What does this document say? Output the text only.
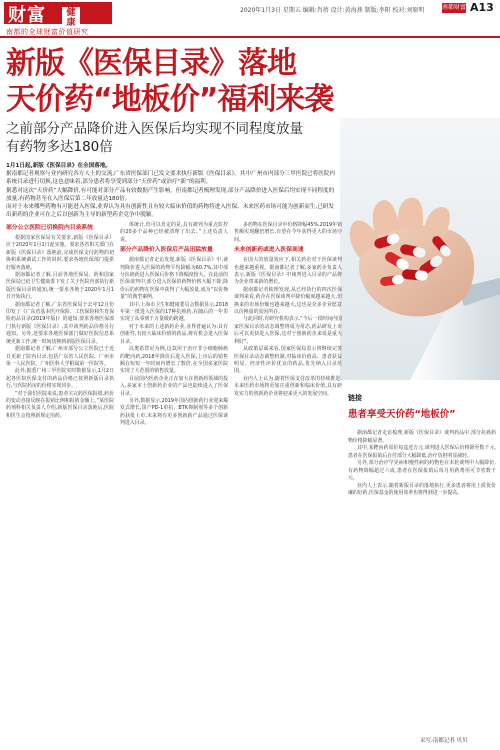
财富	健康
南都的全球财富价值研究
2020年1月3日 星期五 编辑:肖蓓 设计:黄海燕 制版:李阳 校对:刘原明	南都财富 A13
新版《医保目录》落地
天价药“地板价”福利来袭
之前部分产品降价进入医保后均实现不同程度放量
有药物多达180倍

1月1日起,新版《医保目录》在全国落地。

据南都记者观察与业内研究各方人士的交流,广东省医保部门已发文要求执行新版《医保目录》。其中广州市内部分三甲医院已将医院内系统目录进行切换,这也意味着,部分患者将享受到部分“天价药”或治疗“新”的福利。

据悉对这次“天价药”大幅降价,有可能对部分产品有较数据产生影响。但南都记者梳理发现,部分产品降价进入医保后均实现不同程度的放量,有药物甚至在入医保后第二年放量达180倍。

而对于未来哪些药物有可能进入医保,业界认为具有创新性且有较大临床价值的药物将进入医保。未来医药市场可能为创新而生,已研发出新药的企业可在之后以创新为主导的新型药企竞争中脱颖。

链接
患者享受天价药“地板价”

据南都记者走访梳理,新版《医保目录》谈判药品中,部分抗癌药物价格降幅显著。

其中,某靶向药原价每盒近万元,谈判进入医保后价格降至数千元,患者在医保报销后自付部分大幅降低,治疗负担明显减轻。

另外,部分治疗罕见病和慢性病的药物也在本轮谈判中大幅降价,有药物降幅超过六成,患者在医保报销后每月用药费用可节省数千元。

业内人士表示,随着新版目录的落地执行,更多患者将用上质优价廉的好药,医保基金的使用效率也将得到进一步提高。

部分公立医院已切换院内目录系统

根据国家医保局有关要求,新版《医保目录》应于2020年1月1日起实施。要求各省相关部门在新版《医保目录》落地前,完成医保支付药物的切换和系统调试工作的同时,要求各地医保部门提供好服务落地。

据南都记者了解,目前各地医保局、药和国家医保局已给卫生健康委下发了关于医院内部执行新版医保目录的通知,统一要求各地于2020年1月1日开始执行。

据南都记者了解,广东省医保局于去年12月份印发了《广东省基本医疗保险、工伤保险和生育保险药品目录(2019年版)》的通知,要求各地医保部门执行新版《医保目录》,其中谈判药品价格另行通知。另外,还要求各地医保部门做好医院信息系统更新工作,统一时间切换到新版医保目录。

据南都记者了解,广州市部分公立医院已于近日更新了院内目录,包括广东省人民医院、广州市第一人民医院、广州医科大学附属第一医院等。

此外,据悉广州三甲医院实时数据显示,1月2日起各医院医保支付的药品价格已按照新版目录执行,与医院药房的价格实现同步。

“对于我们医院来说,患者买完药医保报销,药价的变动直接反映在报销比例和报销金额上。”某医院药剂科相关负责人介绍,新版医保目录落地后,医院和医生会按照新规定用药。

体统计,但可以肯定的是,具有被列为重点监控的20多个品种已经被清理了出去。”上述负责人说。

部分产品降价入医保后产品迅猛放量

据南都记者走访发现,新版《医保目录》中,谈判降价进入医保的药物平均降幅为60.7%,其中部分抗癌药进入医保后价格下降幅度较大。在此前的医保谈判中,部分进入医保的药物价格大幅下降,降价后的药物在医保中获得了大幅放量,成为“以价换量”的典型案例。

其中,上海市卫生和健康委员会数据显示,2018年第一批进入医保的17种抗癌药,在随后的一年里实现了从零到千万量级的跨越。

对于未来的上述新药企业,业界普遍认为:具有创新性,有较大临床价值的药品,将有机会进入医保目录。

以奥希替尼为例,这款用于治疗非小细胞肺癌的靶向药,2018年降价后进入医保,上市后的销售额在短短一年时间内增长了数倍,在全国多家医院实现了大范围的销售放量。

目前国内医药企业正在加大在创新药领域的投入,多家本土创新药企业的产品也陆续进入了医保目录。

另外,数据显示,2019年国内创新药行业迎来爆发式增长,国产PD-1单抗、BTK抑制剂等多个创新药获批上市,未来将有更多创新药产品通过医保谈判进入目录。

多药物在医保目录中价格降幅45%,2019年销售额实现翻倍增长,有望在今年获得更大的市场空间。

未来创新药或进入医保高速

在国大的放量效应下,相关药企对于医保谈判也越来越重视。据南都记者了解,多家药企负责人表示,新版《医保目录》中谈判进入目录的产品将为企业带来新的增长。

据南都记者梳理发现,从已经执行的四次医保谈判来看,药企在医保谈判中降价幅度越来越大,但换来的市场份额也越来越大,这也是众多企业愿意以价换量的原因所在。

与此同时,有研究机构表示,“今后一段时间内国家医保目录的动态调整将成为常态,药品研发上市后可以更快进入医保,这对于创新药企来说是重大利好”。

从政策层面来看,国家医保局表示将继续完善医保目录动态调整机制,对临床价值高、患者获益明显、经济性评价优良的药品,优先纳入目录范围。

业内人士认为,随着医保支付改革的持续推进,未来医药市场将更加注重创新和临床价值,具有研发实力的创新药企业将迎来更大的发展空间。

采写:南都记者 贝贝
